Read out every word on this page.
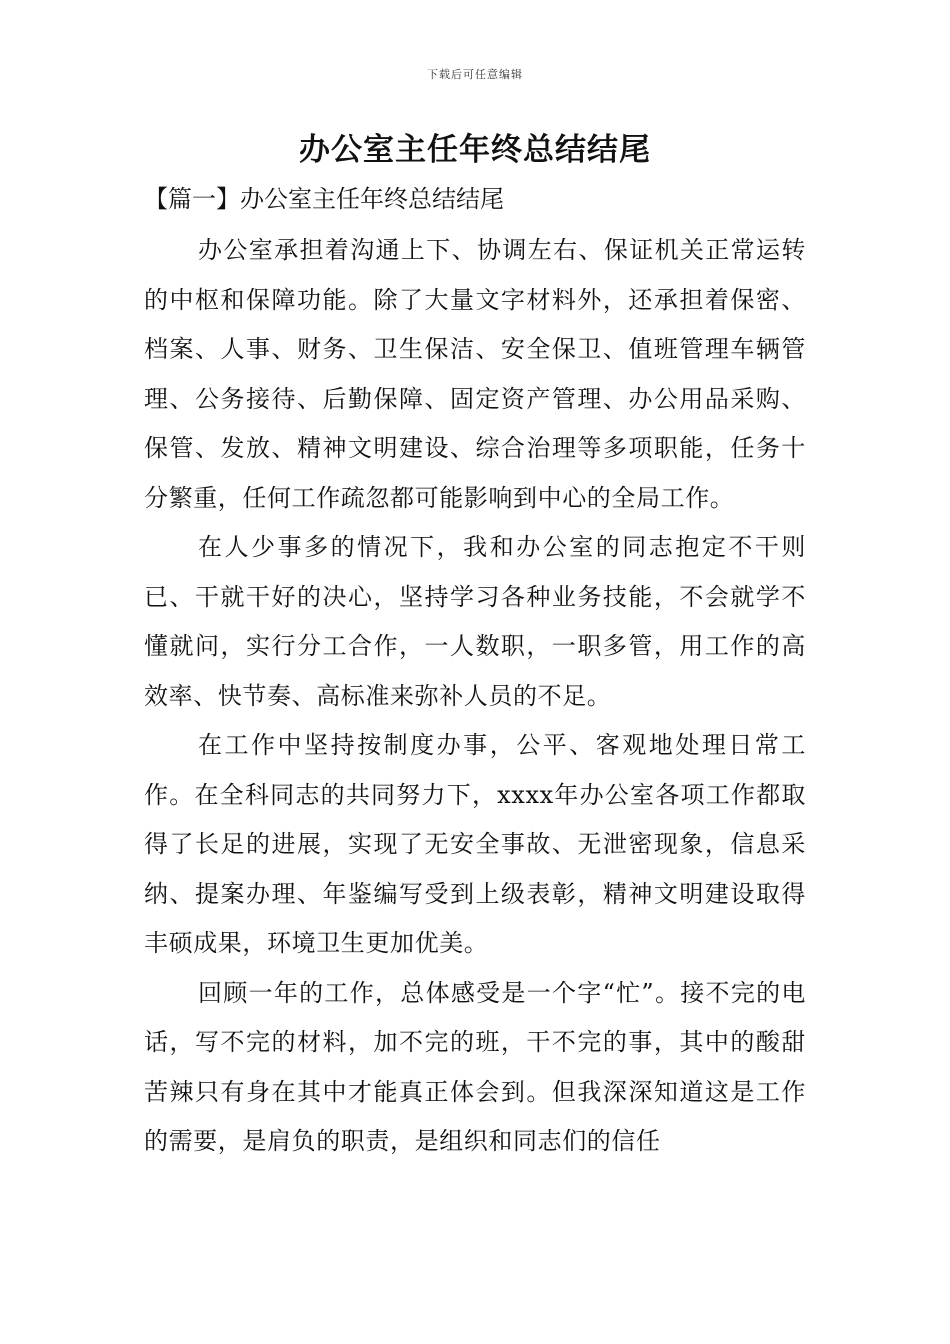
下载后可任意编辑
办公室主任年终总结结尾

【篇一】办公室主任年终总结结尾

办公室承担着沟通上下、协调左右、保证机关正常运转的中枢和保障功能。除了大量文字材料外，还承担着保密、档案、人事、财务、卫生保洁、安全保卫、值班管理车辆管理、公务接待、后勤保障、固定资产管理、办公用品采购、保管、发放、精神文明建设、综合治理等多项职能，任务十分繁重，任何工作疏忽都可能影响到中心的全局工作。

在人少事多的情况下，我和办公室的同志抱定不干则已、干就干好的决心，坚持学习各种业务技能，不会就学不懂就问，实行分工合作，一人数职，一职多管，用工作的高效率、快节奏、高标准来弥补人员的不足。

在工作中坚持按制度办事，公平、客观地处理日常工作。在全科同志的共同努力下，xxxx年办公室各项工作都取得了长足的进展，实现了无安全事故、无泄密现象，信息采纳、提案办理、年鉴编写受到上级表彰，精神文明建设取得丰硕成果，环境卫生更加优美。

回顾一年的工作，总体感受是一个字“忙”。接不完的电话，写不完的材料，加不完的班，干不完的事，其中的酸甜苦辣只有身在其中才能真正体会到。但我深深知道这是工作的需要，是肩负的职责，是组织和同志们的信任
